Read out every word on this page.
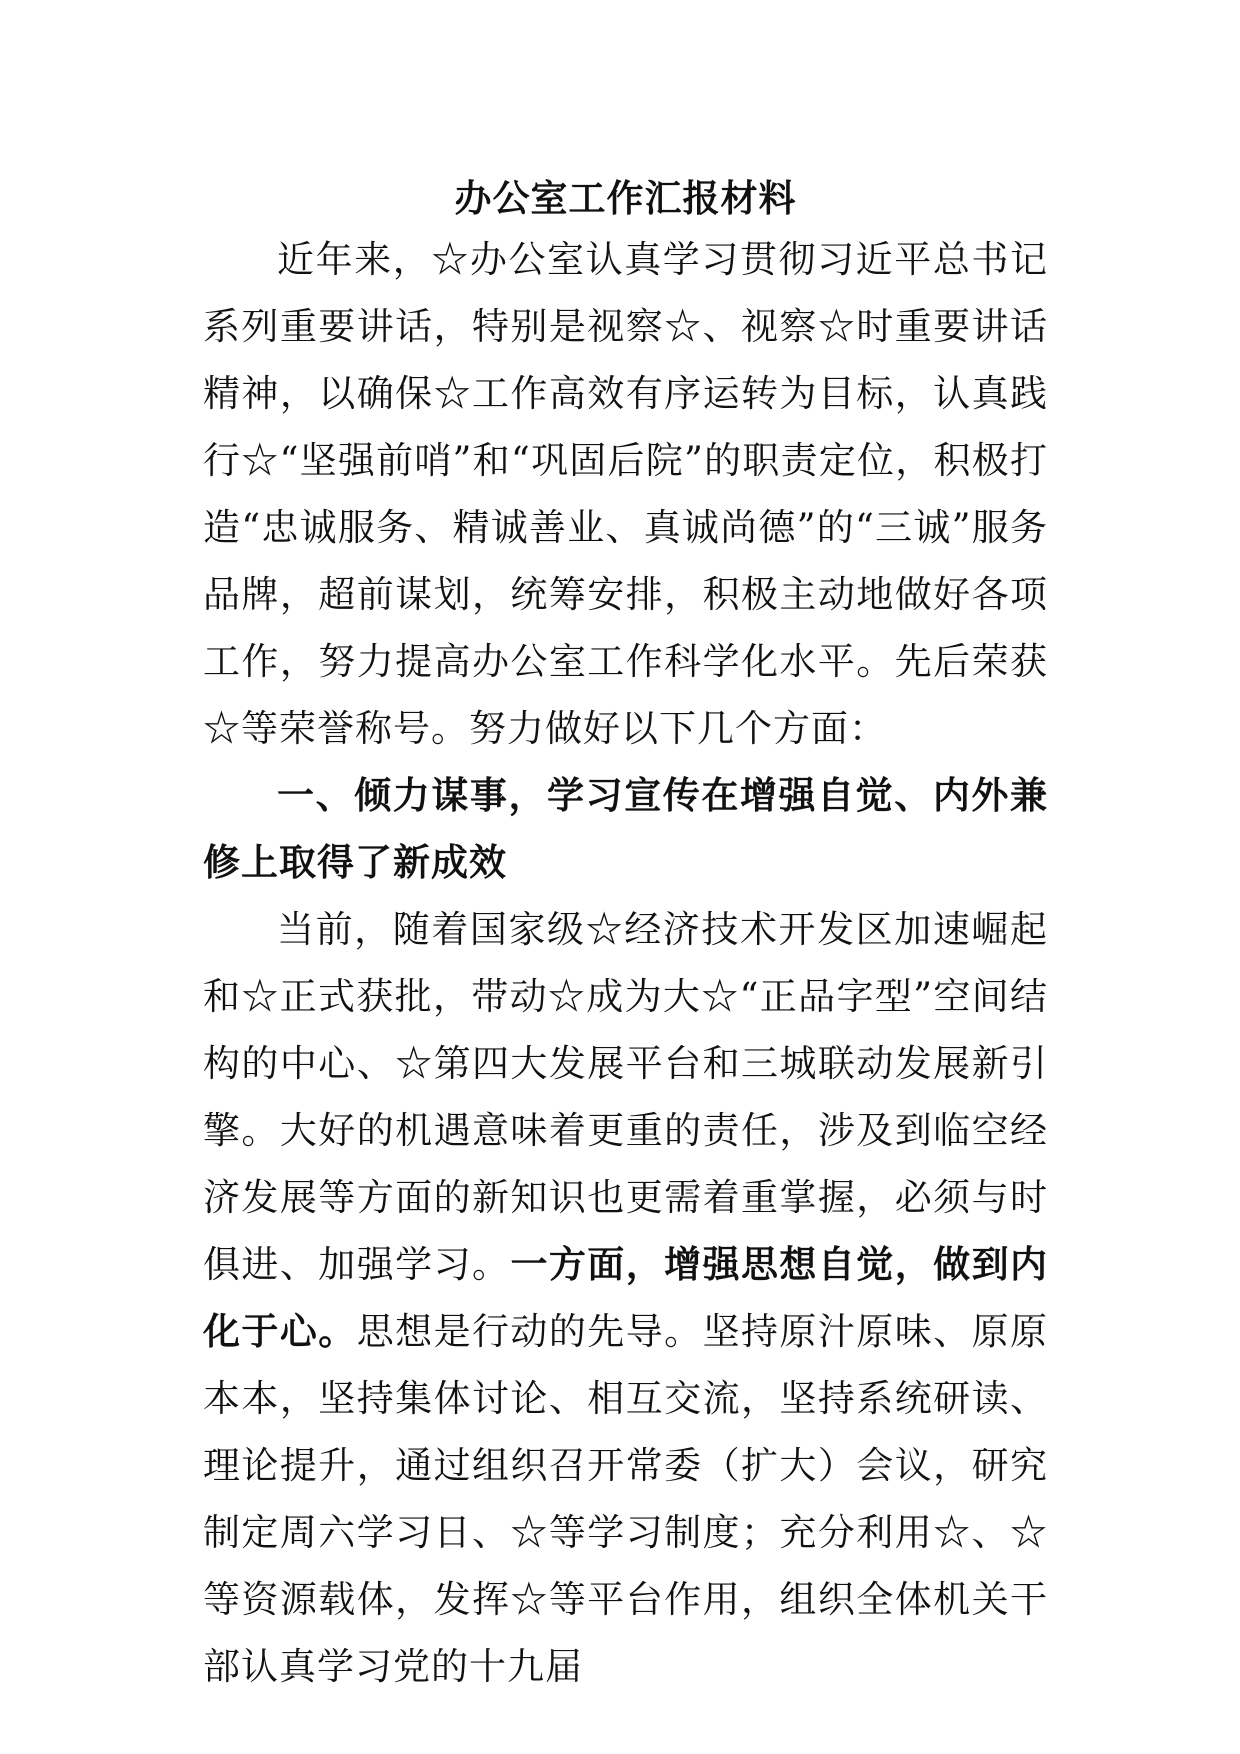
办公室工作汇报材料

近年来，☆办公室认真学习贯彻习近平总书记系列重要讲话，特别是视察☆、视察☆时重要讲话精神，以确保☆工作高效有序运转为目标，认真践行☆“坚强前哨”和“巩固后院”的职责定位，积极打造“忠诚服务、精诚善业、真诚尚德”的“三诚”服务品牌，超前谋划，统筹安排，积极主动地做好各项工作，努力提高办公室工作科学化水平。先后荣获☆等荣誉称号。努力做好以下几个方面：

一、倾力谋事，学习宣传在增强自觉、内外兼修上取得了新成效

当前，随着国家级☆经济技术开发区加速崛起和☆正式获批，带动☆成为大☆“正品字型”空间结构的中心、☆第四大发展平台和三城联动发展新引擎。大好的机遇意味着更重的责任，涉及到临空经济发展等方面的新知识也更需着重掌握，必须与时俱进、加强学习。一方面，增强思想自觉，做到内化于心。思想是行动的先导。坚持原汁原味、原原本本，坚持集体讨论、相互交流，坚持系统研读、理论提升，通过组织召开常委（扩大）会议，研究制定周六学习日、☆等学习制度；充分利用☆、☆等资源载体，发挥☆等平台作用，组织全体机关干部认真学习党的十九届
